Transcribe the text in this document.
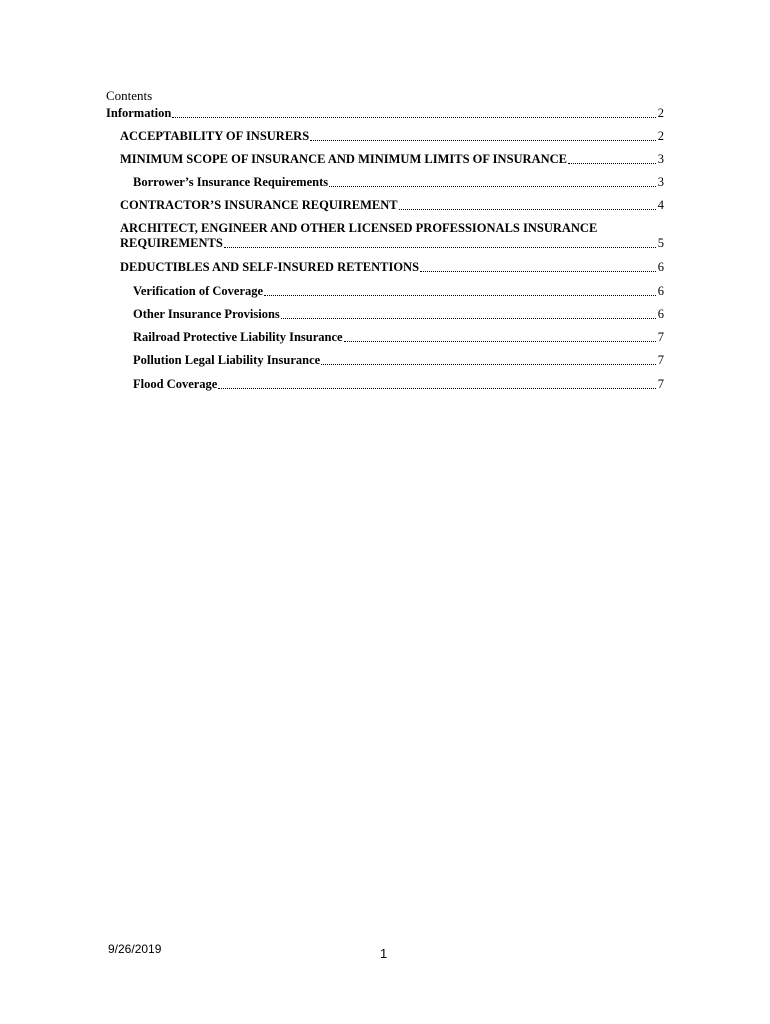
Contents
Information	2
ACCEPTABILITY OF INSURERS	2
MINIMUM SCOPE OF INSURANCE AND MINIMUM LIMITS OF INSURANCE	3
Borrower’s Insurance Requirements	3
CONTRACTOR’S INSURANCE REQUIREMENT	4
ARCHITECT, ENGINEER AND OTHER LICENSED PROFESSIONALS INSURANCE
REQUIREMENTS	5
DEDUCTIBLES AND SELF-INSURED RETENTIONS	6
Verification of Coverage	6
Other Insurance Provisions	6
Railroad Protective Liability Insurance	7
Pollution Legal Liability Insurance	7
Flood Coverage	7
9/26/2019	1
